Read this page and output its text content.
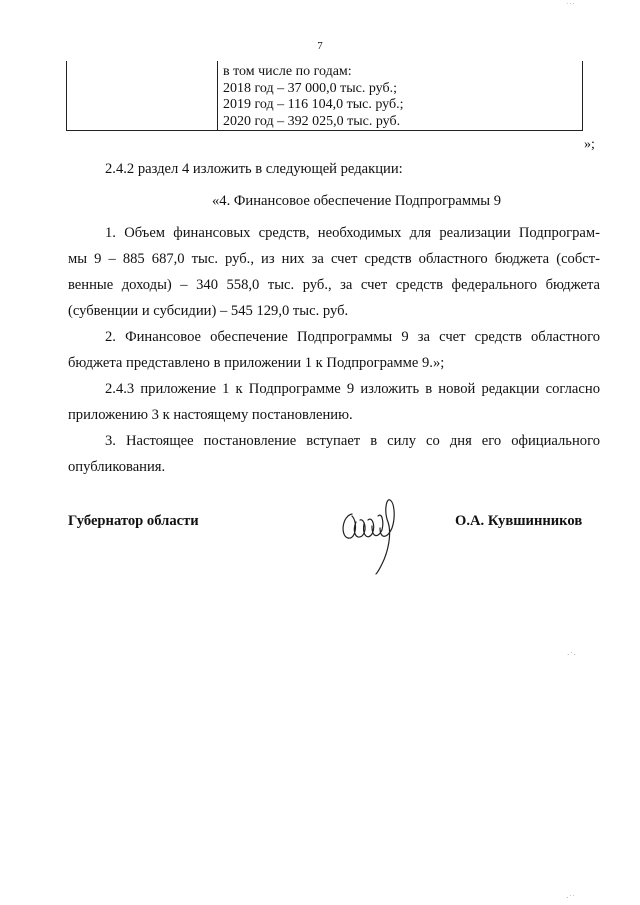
7
в том числе по годам:
2018 год – 37 000,0 тыс. руб.;
2019 год – 116 104,0 тыс. руб.;
2020 год – 392 025,0 тыс. руб.
»;
2.4.2 раздел 4 изложить в следующей редакции:
«4. Финансовое обеспечение Подпрограммы 9
1. Объем финансовых средств, необходимых для реализации Подпрограм-
мы 9 – 885 687,0 тыс. руб., из них за счет средств областного бюджета (собст-
венные доходы) – 340 558,0 тыс. руб., за счет средств федерального бюджета
(субвенции и субсидии) – 545 129,0 тыс. руб.
2. Финансовое обеспечение Подпрограммы 9 за счет средств областного
бюджета представлено в приложении 1 к Подпрограмме 9.»;
2.4.3 приложение 1 к Подпрограмме 9 изложить в новой редакции согласно
приложению 3 к настоящему постановлению.
3. Настоящее постановление вступает в силу со дня его официального
опубликования.
Губернатор области	О.А. Кувшинников
˙˙˙
·˙·
·˙˙
